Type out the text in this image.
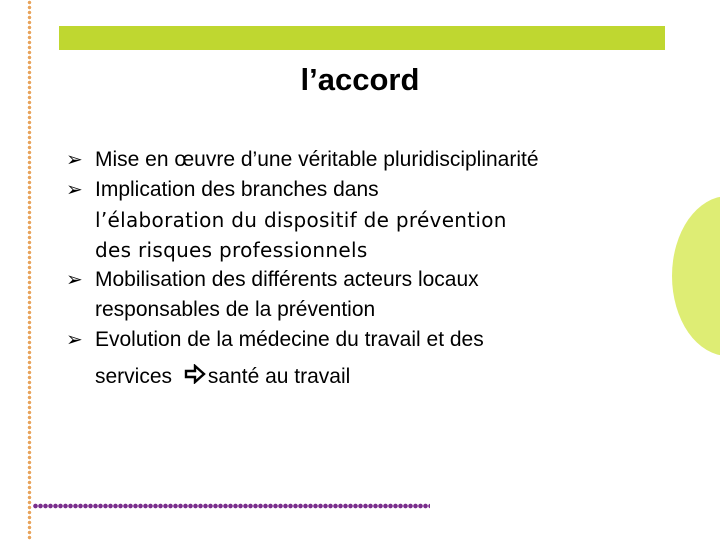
l’accord
➢ Mise en œuvre d’une véritable pluridisciplinarité
➢ Implication des branches dans
l’élaboration du dispositif de prévention
des risques professionnels
➢ Mobilisation des différents acteurs locaux
responsables de la prévention
➢ Evolution de la médecine du travail et des
services santé au travail
